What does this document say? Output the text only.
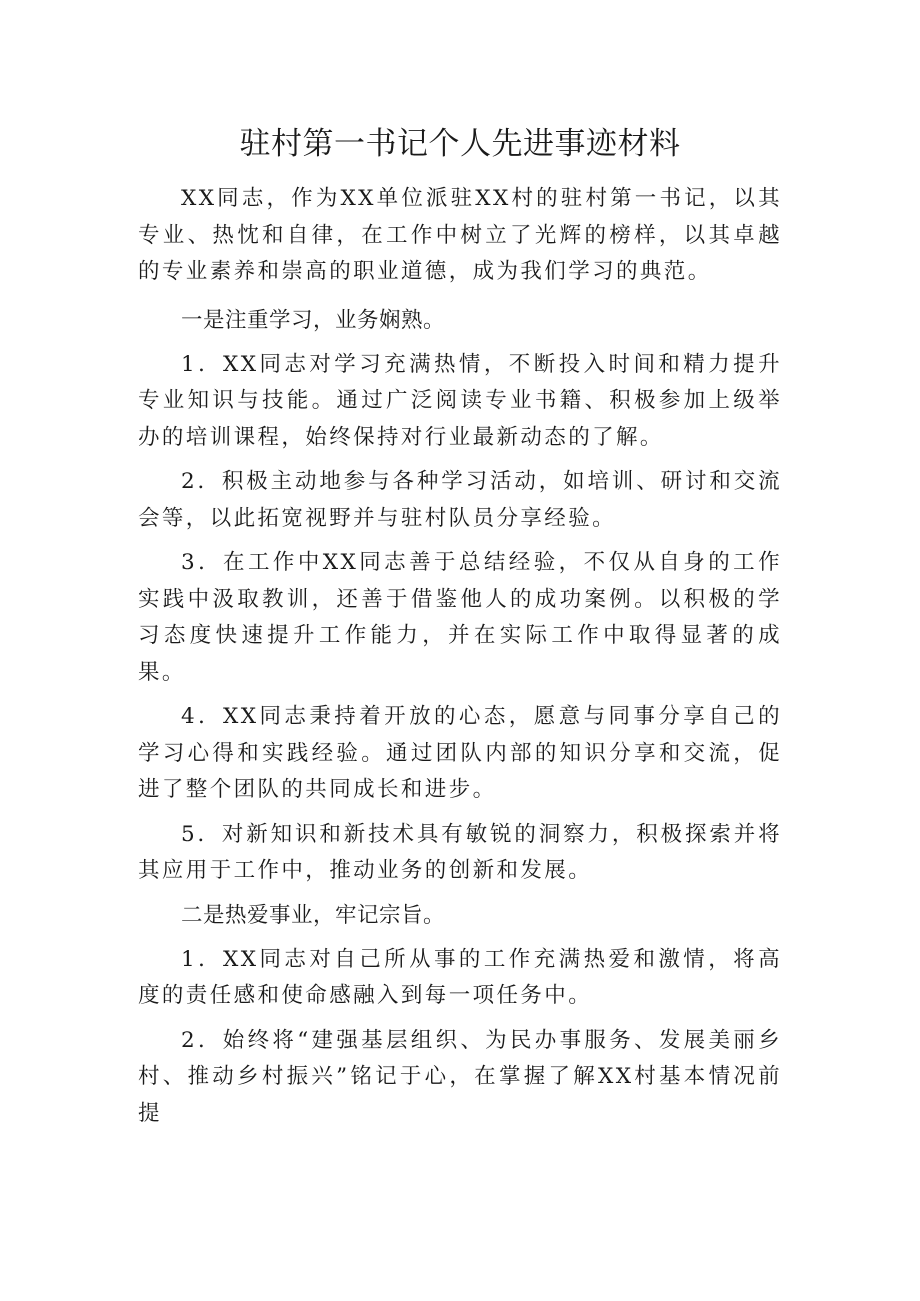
驻村第一书记个人先进事迹材料

XX同志，作为XX单位派驻XX村的驻村第一书记，以其专业、热忱和自律，在工作中树立了光辉的榜样，以其卓越的专业素养和崇高的职业道德，成为我们学习的典范。

一是注重学习，业务娴熟。

1．XX同志对学习充满热情，不断投入时间和精力提升专业知识与技能。通过广泛阅读专业书籍、积极参加上级举办的培训课程，始终保持对行业最新动态的了解。

2．积极主动地参与各种学习活动，如培训、研讨和交流会等，以此拓宽视野并与驻村队员分享经验。

3．在工作中XX同志善于总结经验，不仅从自身的工作实践中汲取教训，还善于借鉴他人的成功案例。以积极的学习态度快速提升工作能力，并在实际工作中取得显著的成果。

4．XX同志秉持着开放的心态，愿意与同事分享自己的学习心得和实践经验。通过团队内部的知识分享和交流，促进了整个团队的共同成长和进步。

5．对新知识和新技术具有敏锐的洞察力，积极探索并将其应用于工作中，推动业务的创新和发展。

二是热爱事业，牢记宗旨。

1．XX同志对自己所从事的工作充满热爱和激情，将高度的责任感和使命感融入到每一项任务中。

2．始终将“建强基层组织、为民办事服务、发展美丽乡村、推动乡村振兴”铭记于心，在掌握了解XX村基本情况前提
